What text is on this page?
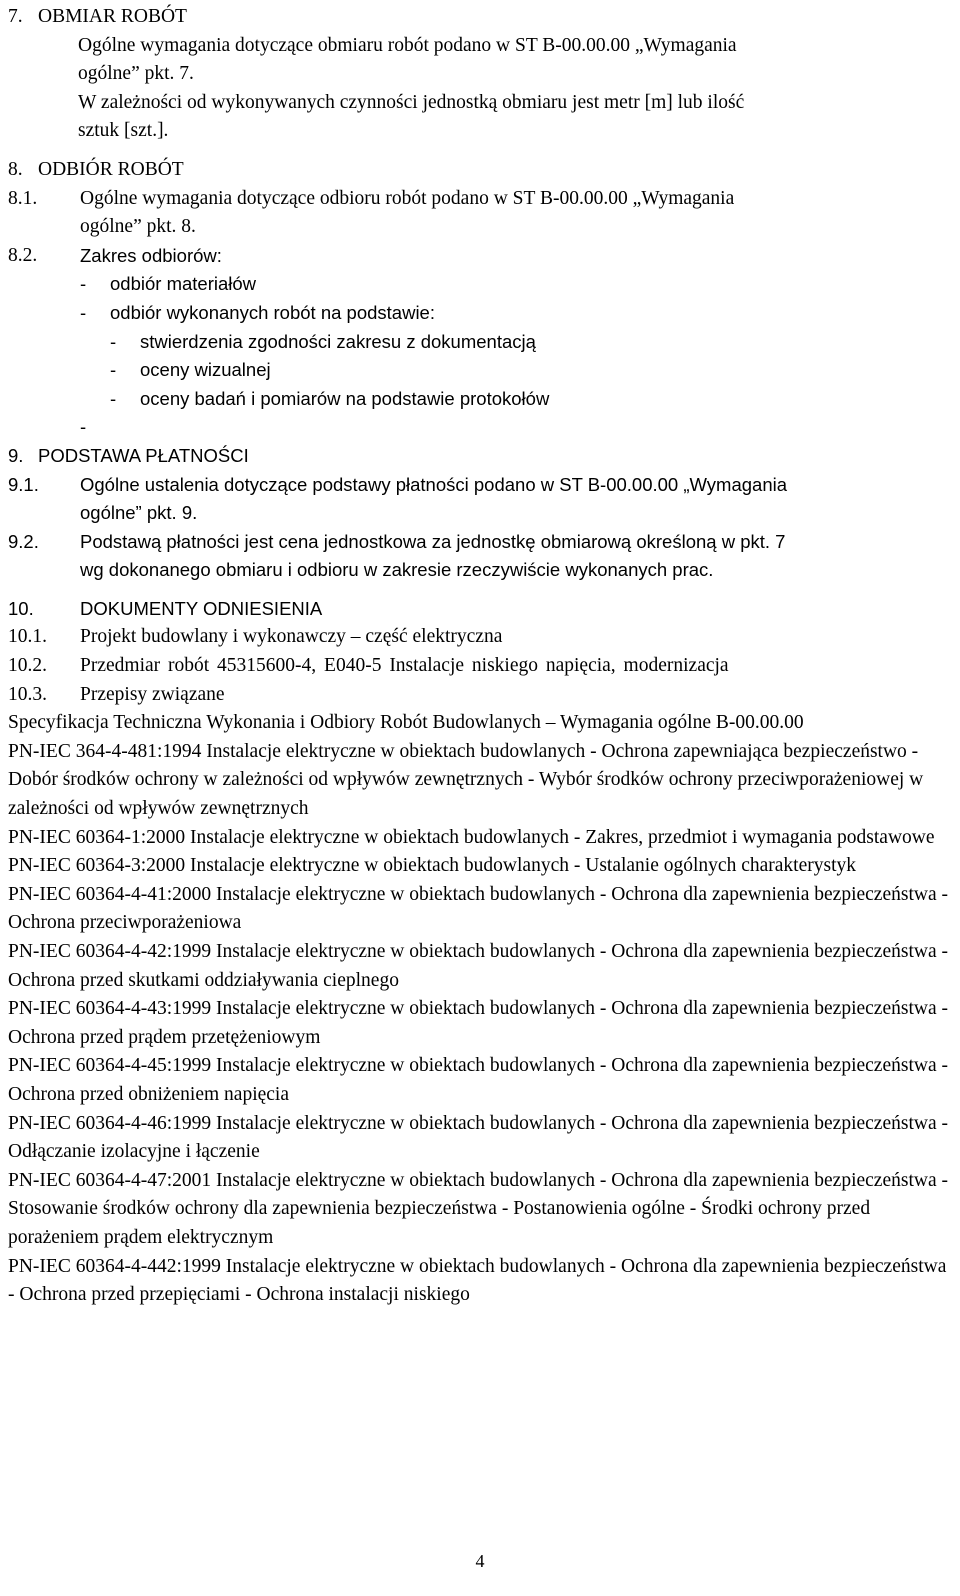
7. OBMIAR ROBÓT
Ogólne wymagania dotyczące obmiaru robót podano w ST B-00.00.00 „Wymagania
ogólne” pkt. 7.
W zależności od wykonywanych czynności jednostką obmiaru jest metr [m] lub ilość
sztuk [szt.].
8. ODBIÓR ROBÓT
8.1.	Ogólne wymagania dotyczące odbioru robót podano w ST B-00.00.00 „Wymagania
ogólne” pkt. 8.
8.2.	Zakres odbiorów:
-	odbiór materiałów
-	odbiór wykonanych robót na podstawie:
-	stwierdzenia zgodności zakresu z dokumentacją
-	oceny wizualnej
-	oceny badań i pomiarów na podstawie protokołów
-
9. PODSTAWA PŁATNOŚCI
9.1.	Ogólne ustalenia dotyczące podstawy płatności podano w ST B-00.00.00 „Wymagania
ogólne” pkt. 9.
9.2.	Podstawą płatności jest cena jednostkowa za jednostkę obmiarową określoną w pkt. 7
wg dokonanego obmiaru i odbioru w zakresie rzeczywiście wykonanych prac.
10.	DOKUMENTY ODNIESIENIA
10.1.	Projekt budowlany i wykonawczy – część elektryczna
10.2.	Przedmiar robót 45315600-4, E040-5 Instalacje niskiego napięcia, modernizacja
10.3.	Przepisy związane
Specyfikacja Techniczna Wykonania i Odbiory Robót Budowlanych – Wymagania ogólne B-00.00.00
PN-IEC 364-4-481:1994 Instalacje elektryczne w obiektach budowlanych - Ochrona zapewniająca bezpieczeństwo - Dobór środków ochrony w zależności od wpływów zewnętrznych - Wybór środków ochrony przeciwporażeniowej w zależności od wpływów zewnętrznych
PN-IEC 60364-1:2000 Instalacje elektryczne w obiektach budowlanych - Zakres, przedmiot i wymagania podstawowe
PN-IEC 60364-3:2000 Instalacje elektryczne w obiektach budowlanych - Ustalanie ogólnych charakterystyk
PN-IEC 60364-4-41:2000 Instalacje elektryczne w obiektach budowlanych - Ochrona dla zapewnienia bezpieczeństwa - Ochrona przeciwporażeniowa
PN-IEC 60364-4-42:1999 Instalacje elektryczne w obiektach budowlanych - Ochrona dla zapewnienia bezpieczeństwa - Ochrona przed skutkami oddziaływania cieplnego
PN-IEC 60364-4-43:1999 Instalacje elektryczne w obiektach budowlanych - Ochrona dla zapewnienia bezpieczeństwa - Ochrona przed prądem przetężeniowym
PN-IEC 60364-4-45:1999 Instalacje elektryczne w obiektach budowlanych - Ochrona dla zapewnienia bezpieczeństwa - Ochrona przed obniżeniem napięcia
PN-IEC 60364-4-46:1999 Instalacje elektryczne w obiektach budowlanych - Ochrona dla zapewnienia bezpieczeństwa - Odłączanie izolacyjne i łączenie
PN-IEC 60364-4-47:2001 Instalacje elektryczne w obiektach budowlanych - Ochrona dla zapewnienia bezpieczeństwa - Stosowanie środków ochrony dla zapewnienia bezpieczeństwa - Postanowienia ogólne - Środki ochrony przed porażeniem prądem elektrycznym
PN-IEC 60364-4-442:1999 Instalacje elektryczne w obiektach budowlanych - Ochrona dla zapewnienia bezpieczeństwa - Ochrona przed przepięciami - Ochrona instalacji niskiego
4
